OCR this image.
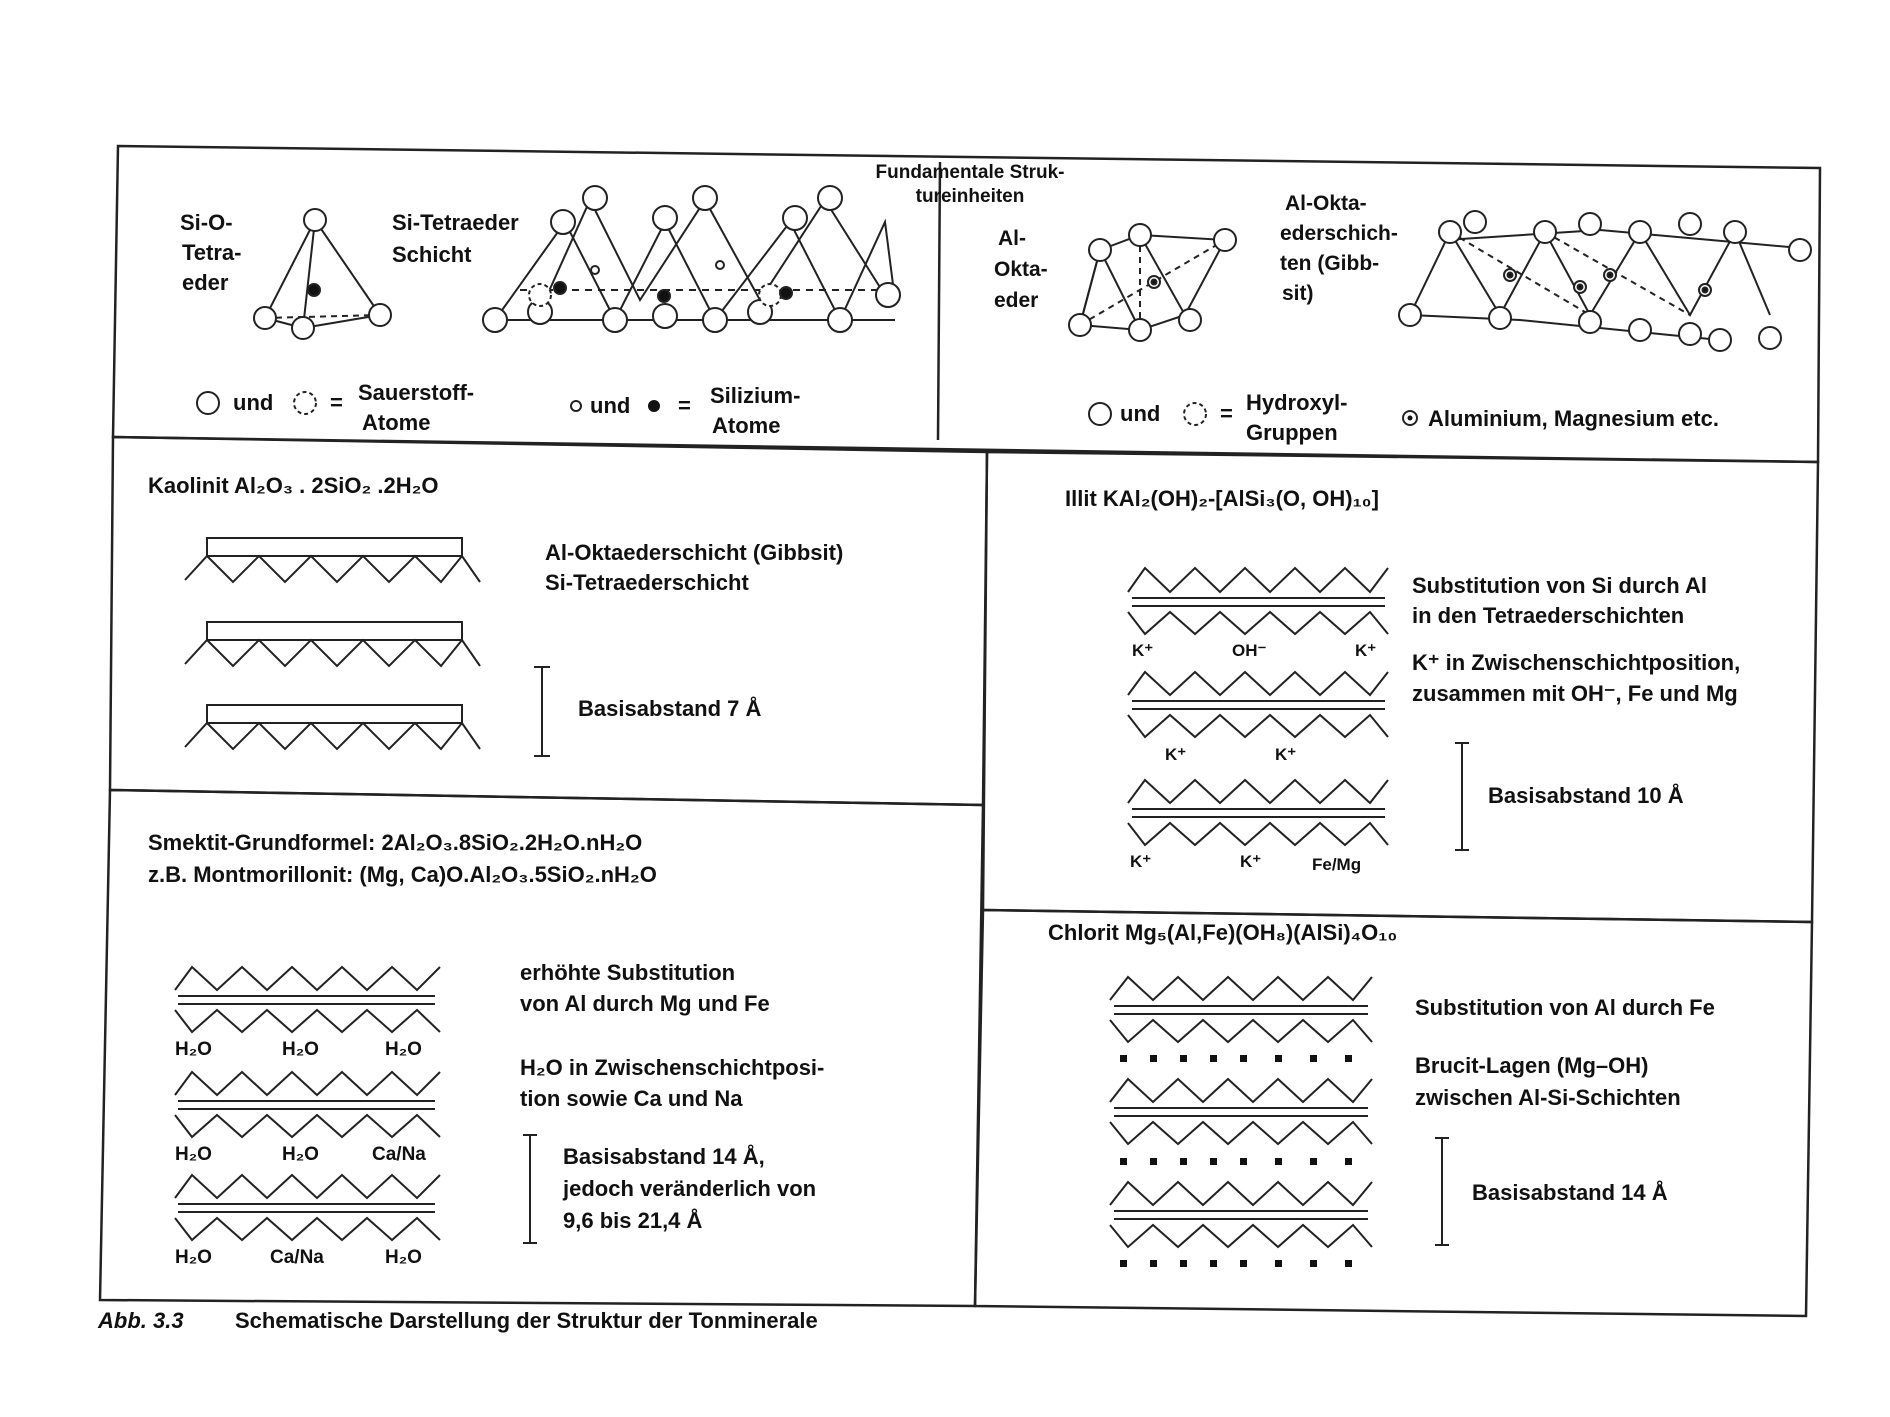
Fundamentale Struk-
tureinheiten
Si-O-
Tetra-
eder
Si-Tetraeder
Schicht
Al-
Okta-
eder
Al-Okta-
ederschich-
ten (Gibb-
sit)
und	= Sauerstoff-
Atome
und = Silizium-
Atome	und	= Hydroxyl-
Gruppen
Aluminium, Magnesium etc.
Kaolinit Al₂O₃ . 2SiO₂ .2H₂O
Al-Oktaederschicht (Gibbsit)
Si-Tetraederschicht
Basisabstand 7 Å
Illit KAl₂(OH)₂-[AlSi₃(O, OH)₁₀]
K⁺	OH⁻	K⁺
K⁺	K⁺
K⁺	K⁺	Fe/Mg
Substitution von Si durch Al
in den Tetraederschichten
K⁺ in Zwischenschichtposition,
zusammen mit OH⁻, Fe und Mg
Basisabstand 10 Å
Smektit-Grundformel: 2Al₂O₃.8SiO₂.2H₂O.nH₂O
z.B. Montmorillonit: (Mg, Ca)O.Al₂O₃.5SiO₂.nH₂O
H₂O	H₂O	H₂O
H₂O	H₂O	Ca/Na
H₂O	Ca/Na	H₂O
erhöhte Substitution
von Al durch Mg und Fe
H₂O in Zwischenschichtposi-
tion sowie Ca und Na
Basisabstand 14 Å,
jedoch veränderlich von
9,6 bis 21,4 Å
Chlorit Mg₅(Al,Fe)(OH₈)(AlSi)₄O₁₀
Substitution von Al durch Fe
Brucit-Lagen (Mg–OH)
zwischen Al-Si-Schichten
Basisabstand 14 Å
Abb. 3.3 Schematische Darstellung der Struktur der Tonminerale
